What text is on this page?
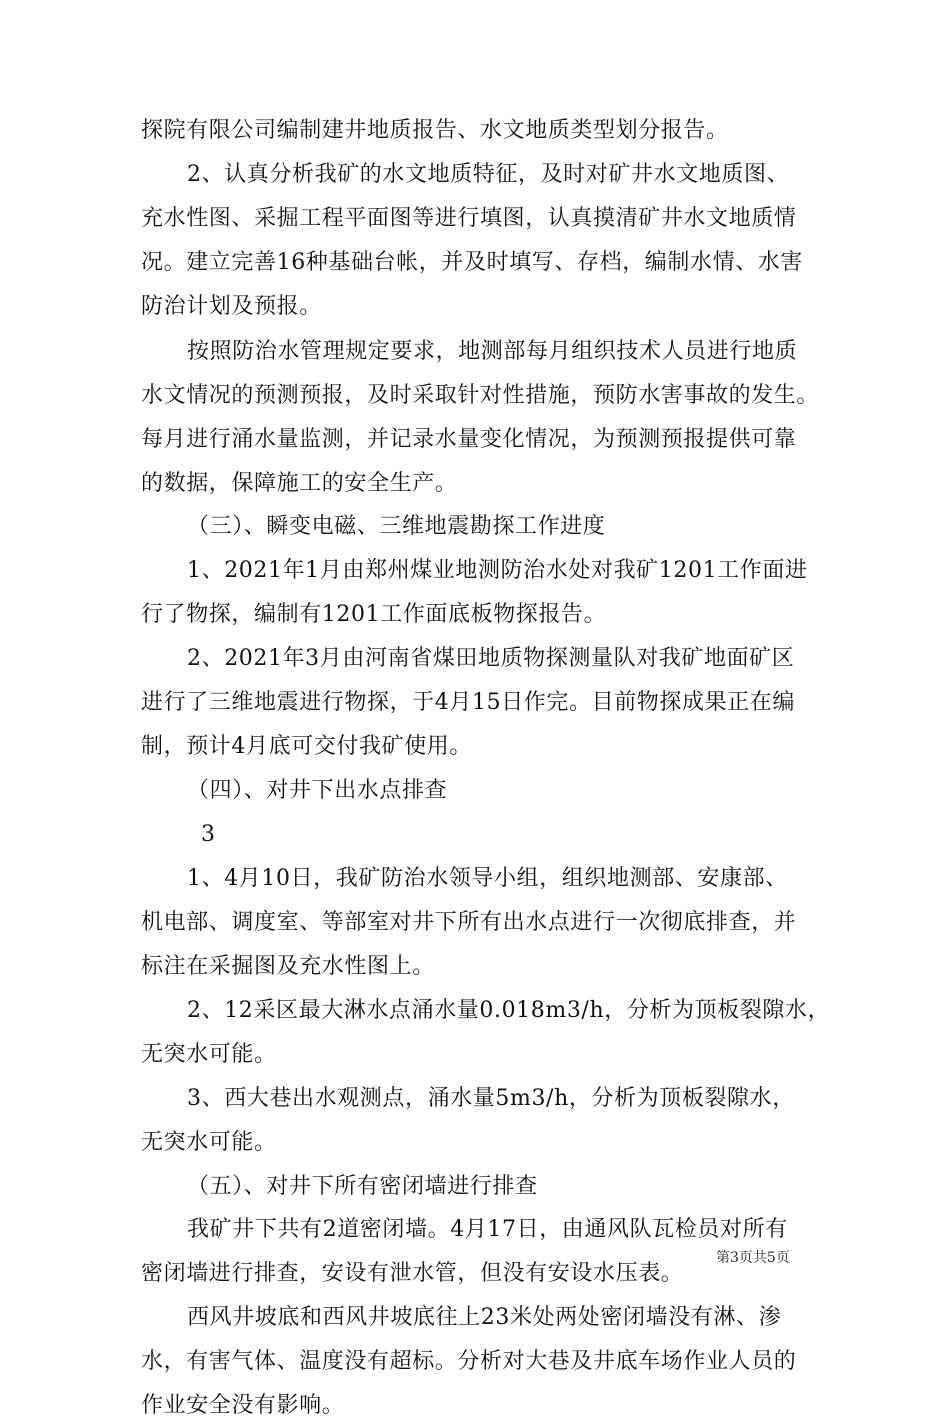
探院有限公司编制建井地质报告、水文地质类型划分报告。
2、认真分析我矿的水文地质特征，及时对矿井水文地质图、
充水性图、采掘工程平面图等进行填图，认真摸清矿井水文地质情
况。建立完善16种基础台帐，并及时填写、存档，编制水情、水害
防治计划及预报。
按照防治水管理规定要求，地测部每月组织技术人员进行地质
水文情况的预测预报，及时采取针对性措施，预防水害事故的发生。
每月进行涌水量监测，并记录水量变化情况，为预测预报提供可靠
的数据，保障施工的安全生产。
（三）、瞬变电磁、三维地震勘探工作进度
1、2021年1月由郑州煤业地测防治水处对我矿1201工作面进
行了物探，编制有1201工作面底板物探报告。
2、2021年3月由河南省煤田地质物探测量队对我矿地面矿区
进行了三维地震进行物探，于4月15日作完。目前物探成果正在编
制，预计4月底可交付我矿使用。
（四）、对井下出水点排查
3
1、4月10日，我矿防治水领导小组，组织地测部、安康部、
机电部、调度室、等部室对井下所有出水点进行一次彻底排查，并
标注在采掘图及充水性图上。
2、12采区最大淋水点涌水量0.018m3/h，分析为顶板裂隙水，
无突水可能。
3、西大巷出水观测点，涌水量5m3/h，分析为顶板裂隙水，
无突水可能。
（五）、对井下所有密闭墙进行排查
我矿井下共有2道密闭墙。4月17日，由通风队瓦检员对所有
密闭墙进行排查，安设有泄水管，但没有安设水压表。
西风井坡底和西风井坡底往上23米处两处密闭墙没有淋、渗
水，有害气体、温度没有超标。分析对大巷及井底车场作业人员的
作业安全没有影响。
第3页共5页
